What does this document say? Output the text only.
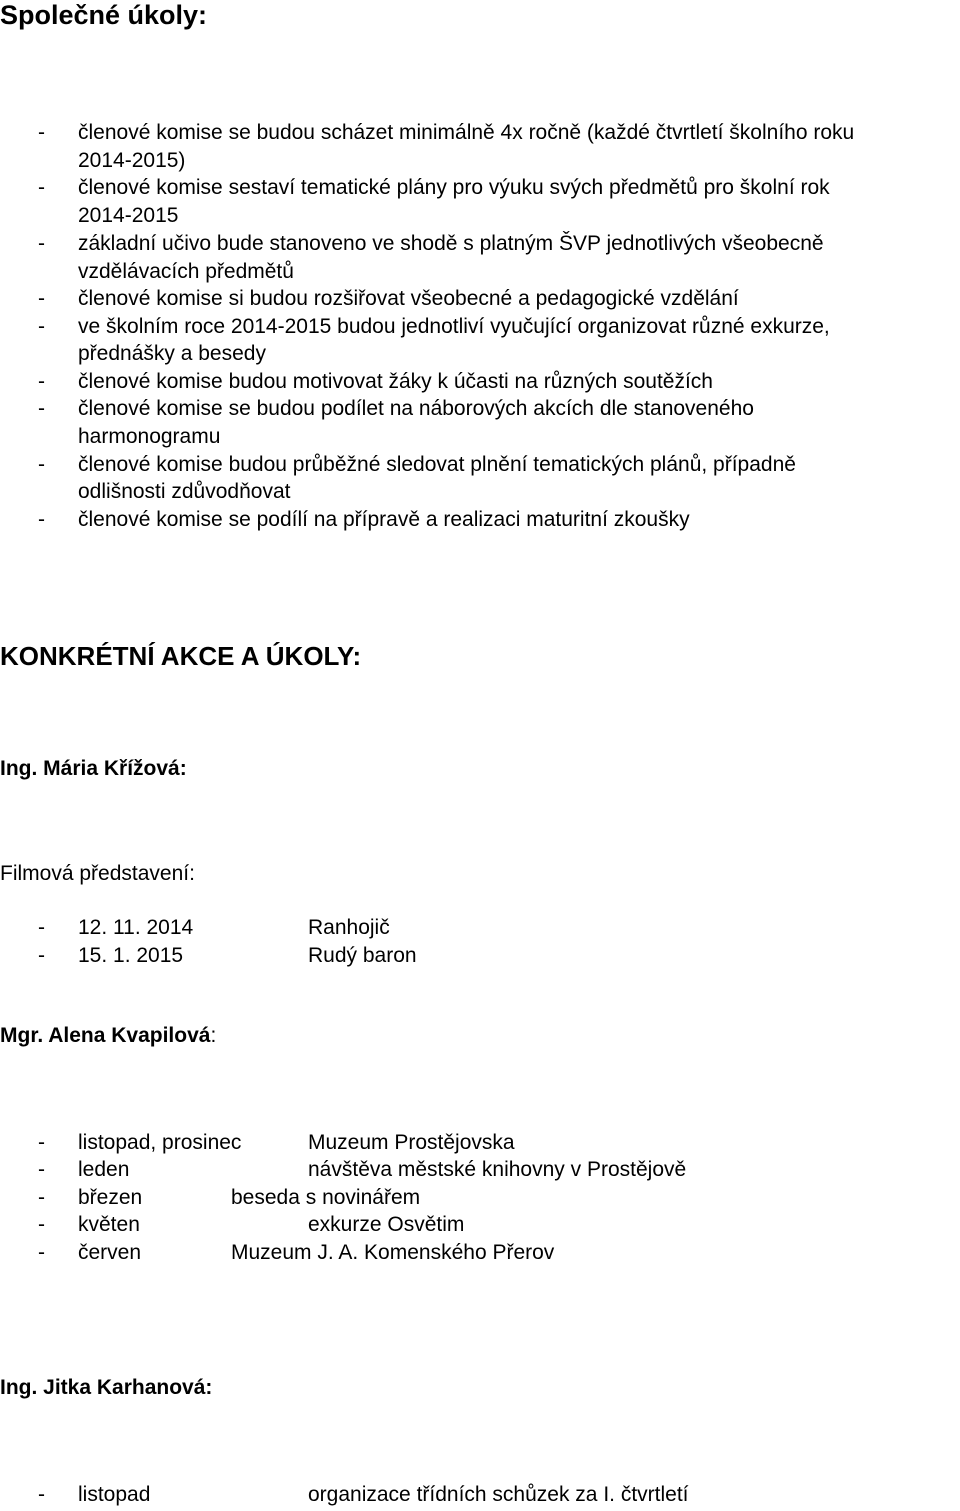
Společné úkoly:
- členové komise se budou scházet minimálně 4x ročně (každé čtvrtletí školního roku
2014-2015)
- členové komise sestaví tematické plány pro výuku svých předmětů pro školní rok
2014-2015
- základní učivo bude stanoveno ve shodě s platným ŠVP jednotlivých všeobecně
vzdělávacích předmětů
- členové komise si budou rozšiřovat všeobecné a pedagogické vzdělání
- ve školním roce 2014-2015 budou jednotliví vyučující organizovat různé exkurze,
přednášky a besedy
- členové komise budou motivovat žáky k účasti na různých soutěžích
- členové komise se budou podílet na náborových akcích dle stanoveného
harmonogramu
- členové komise budou průběžné sledovat plnění tematických plánů, případně
odlišnosti zdůvodňovat
- členové komise se podílí na přípravě a realizaci maturitní zkoušky
KONKRÉTNÍ AKCE A ÚKOLY:
Ing. Mária Křížová:
Filmová představení:
- 12. 11. 2014	Ranhojič
- 15. 1. 2015	Rudý baron
Mgr. Alena Kvapilová:
- listopad, prosinec	Muzeum Prostějovska
- leden	návštěva městské knihovny v Prostějově
- březen	beseda s novinářem
- květen	exkurze Osvětim
- červen	Muzeum J. A. Komenského Přerov
Ing. Jitka Karhanová:
- listopad	organizace třídních schůzek za I. čtvrtletí
